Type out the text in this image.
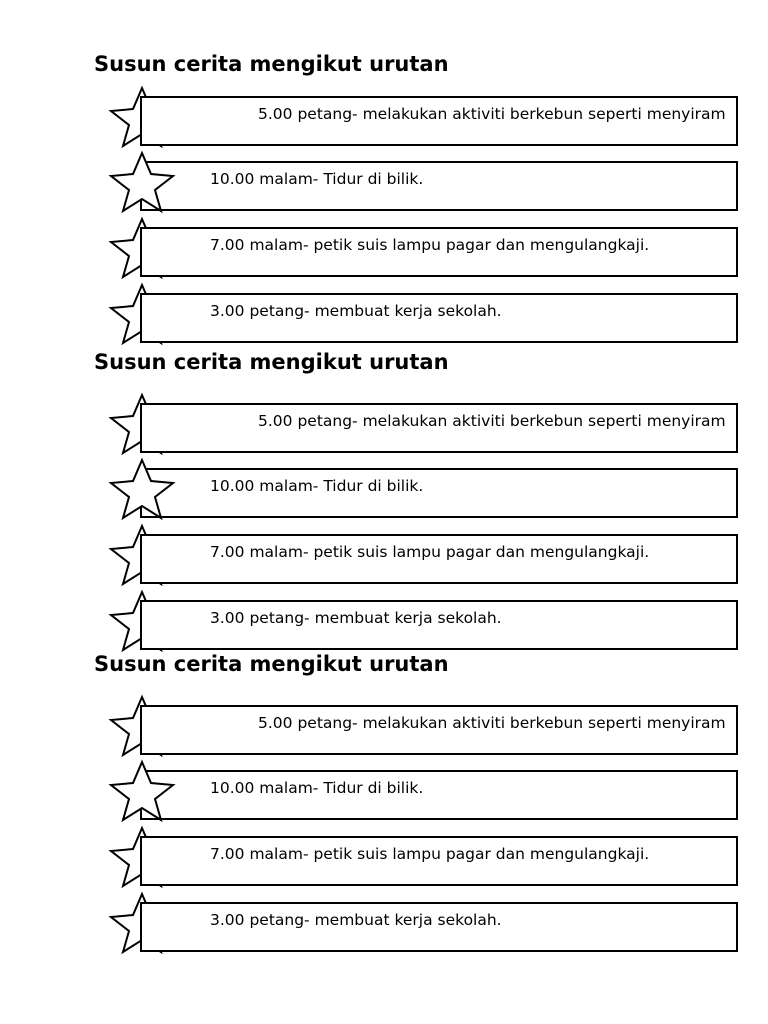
Susun cerita mengikut urutan

5.00 petang- melakukan aktiviti berkebun seperti menyiram

10.00 malam- Tidur di bilik.

7.00 malam- petik suis lampu pagar dan mengulangkaji.

3.00 petang- membuat kerja sekolah.

Susun cerita mengikut urutan

5.00 petang- melakukan aktiviti berkebun seperti menyiram

10.00 malam- Tidur di bilik.

7.00 malam- petik suis lampu pagar dan mengulangkaji.

3.00 petang- membuat kerja sekolah.

Susun cerita mengikut urutan

5.00 petang- melakukan aktiviti berkebun seperti menyiram

10.00 malam- Tidur di bilik.

7.00 malam- petik suis lampu pagar dan mengulangkaji.

3.00 petang- membuat kerja sekolah.
